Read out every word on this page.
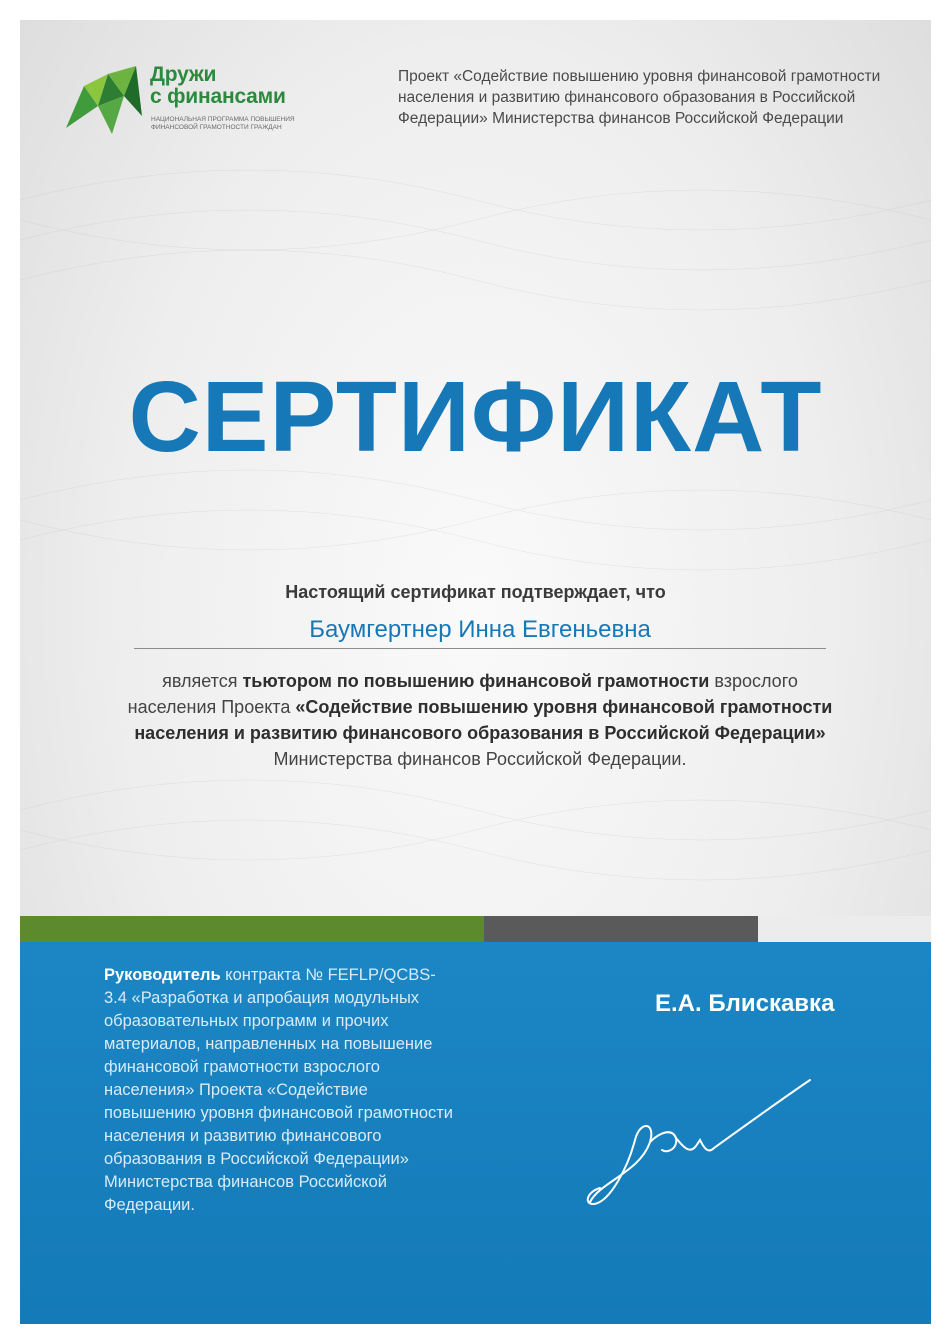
Дружи
с финансами
НАЦИОНАЛЬНАЯ ПРОГРАММА ПОВЫШЕНИЯ
ФИНАНСОВОЙ ГРАМОТНОСТИ ГРАЖДАН
Проект «Содействие повышению уровня финансовой грамотности населения и развитию финансового образования в Российской Федерации» Министерства финансов Российской Федерации
СЕРТИФИКАТ
Настоящий сертификат подтверждает, что
Баумгертнер Инна Евгеньевна
является тьютором по повышению финансовой грамотности взрослого населения Проекта «Содействие повышению уровня финансовой грамотности населения и развитию финансового образования в Российской Федерации» Министерства финансов Российской Федерации.
Руководитель контракта № FEFLP/QCBS-3.4 «Разработка и апробация модульных образовательных программ и прочих материалов, направленных на повышение финансовой грамотности взрослого населения» Проекта «Содействие повышению уровня финансовой грамотности населения и развитию финансового образования в Российской Федерации» Министерства финансов Российской Федерации.
Е.А. Блискавка
